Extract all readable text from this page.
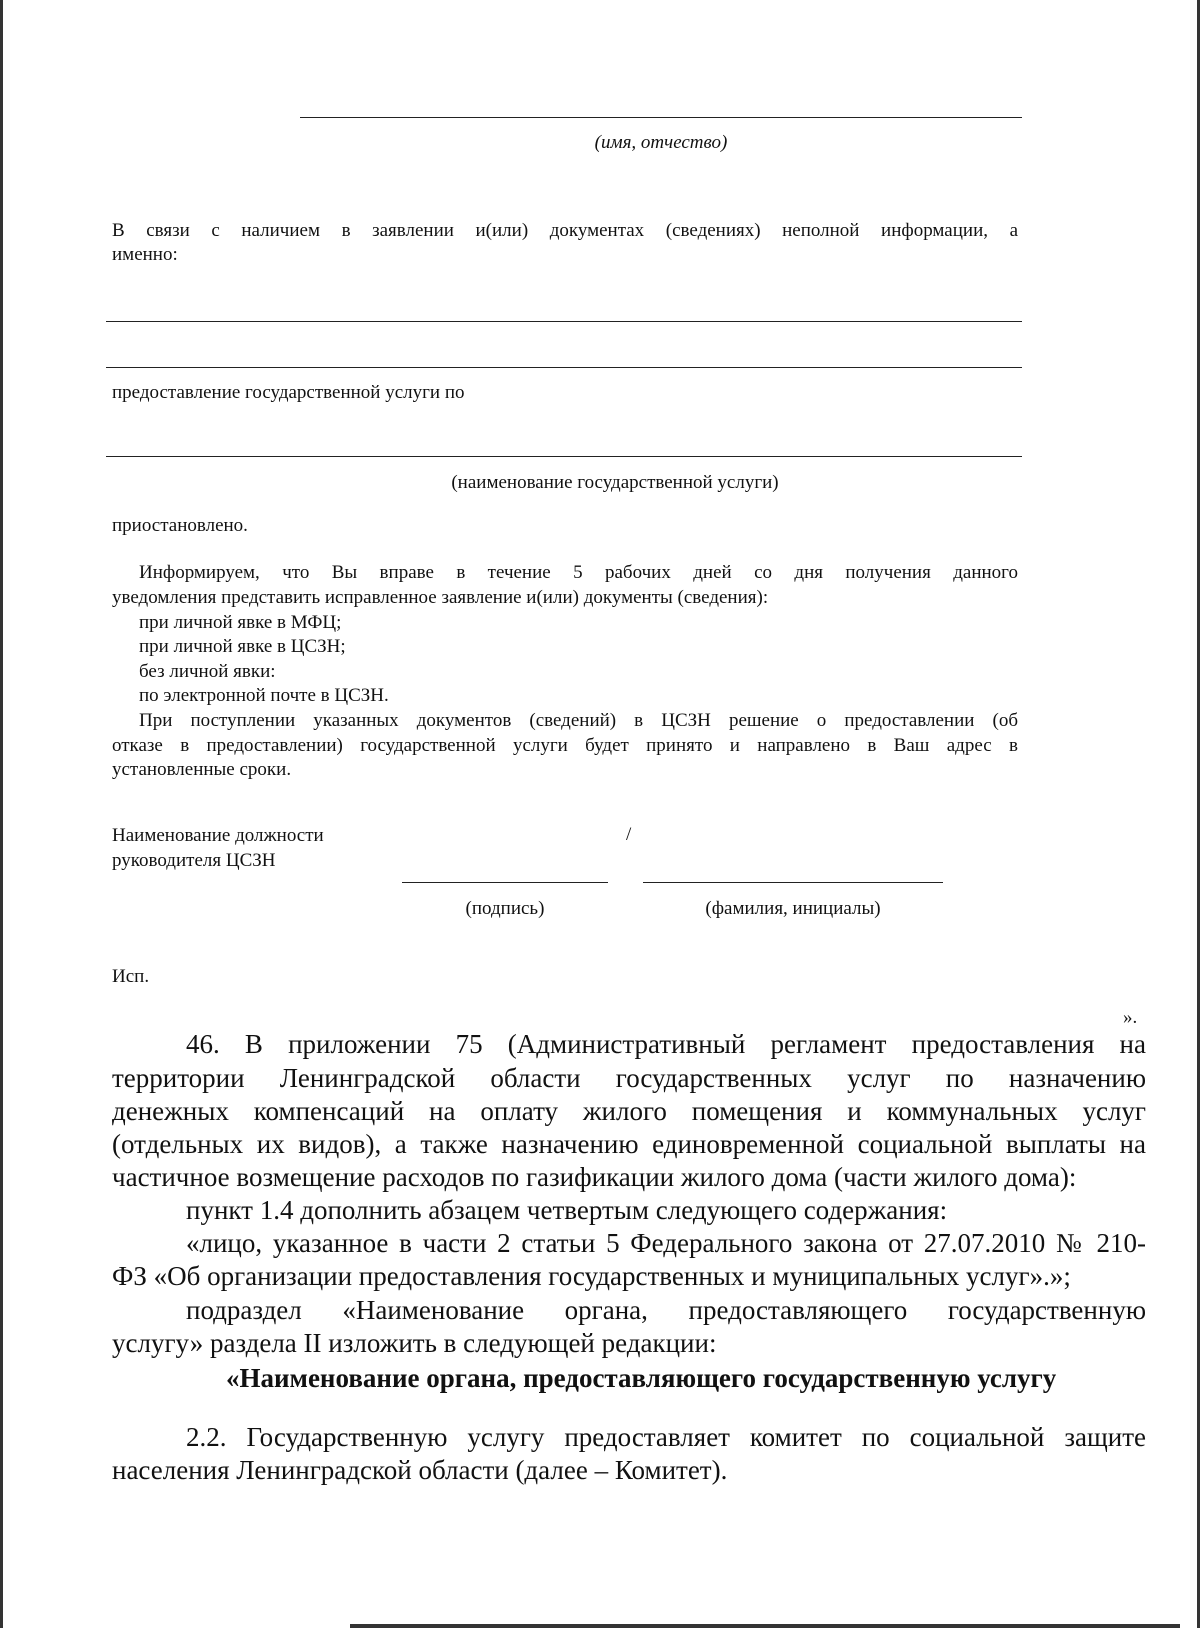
(имя, отчество)
В связи с наличием в заявлении и(или) документах (сведениях) неполной информации, а
именно:
предоставление государственной услуги по
(наименование государственной услуги)
приостановлено.
Информируем, что Вы вправе в течение 5 рабочих дней со дня получения данного
уведомления представить исправленное заявление и(или) документы (сведения):
при личной явке в МФЦ;
при личной явке в ЦСЗН;
без личной явки:
по электронной почте в ЦСЗН.
При поступлении указанных документов (сведений) в ЦСЗН решение о предоставлении (об
отказе в предоставлении) государственной услуги будет принято и направлено в Ваш адрес в
установленные сроки.
Наименование должности
руководителя ЦСЗН
/
(подпись)	(фамилия, инициалы)
Исп.
».
46. В приложении 75 (Административный регламент предоставления на
территории Ленинградской области государственных услуг по назначению
денежных компенсаций на оплату жилого помещения и коммунальных услуг
(отдельных их видов), а также назначению единовременной социальной выплаты на
частичное возмещение расходов по газификации жилого дома (части жилого дома):
пункт 1.4 дополнить абзацем четвертым следующего содержания:
«лицо, указанное в части 2 статьи 5 Федерального закона от 27.07.2010 № 210-
ФЗ «Об организации предоставления государственных и муниципальных услуг».»;
подраздел «Наименование органа, предоставляющего государственную
услугу» раздела II изложить в следующей редакции:
«Наименование органа, предоставляющего государственную услугу
2.2. Государственную услугу предоставляет комитет по социальной защите
населения Ленинградской области (далее – Комитет).
